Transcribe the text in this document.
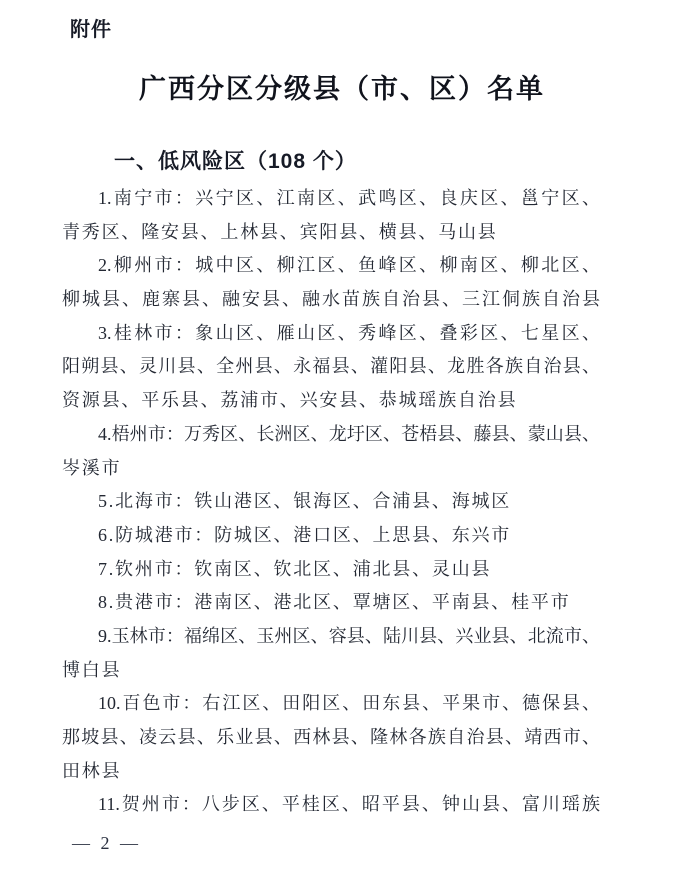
附件
广西分区分级县（市、区）名单
一、低风险区（108 个）
1.南宁市：兴宁区、江南区、武鸣区、良庆区、邕宁区、
青秀区、隆安县、上林县、宾阳县、横县、马山县
2.柳州市：城中区、柳江区、鱼峰区、柳南区、柳北区、
柳城县、鹿寨县、融安县、融水苗族自治县、三江侗族自治县
3.桂林市：象山区、雁山区、秀峰区、叠彩区、七星区、
阳朔县、灵川县、全州县、永福县、灌阳县、龙胜各族自治县、
资源县、平乐县、荔浦市、兴安县、恭城瑶族自治县
4.梧州市：万秀区、长洲区、龙圩区、苍梧县、藤县、蒙山县、
岑溪市
5.北海市：铁山港区、银海区、合浦县、海城区
6.防城港市：防城区、港口区、上思县、东兴市
7.钦州市：钦南区、钦北区、浦北县、灵山县
8.贵港市：港南区、港北区、覃塘区、平南县、桂平市
9.玉林市：福绵区、玉州区、容县、陆川县、兴业县、北流市、
博白县
10.百色市：右江区、田阳区、田东县、平果市、德保县、
那坡县、凌云县、乐业县、西林县、隆林各族自治县、靖西市、
田林县
11.贺州市：八步区、平桂区、昭平县、钟山县、富川瑶族
— 2 —
